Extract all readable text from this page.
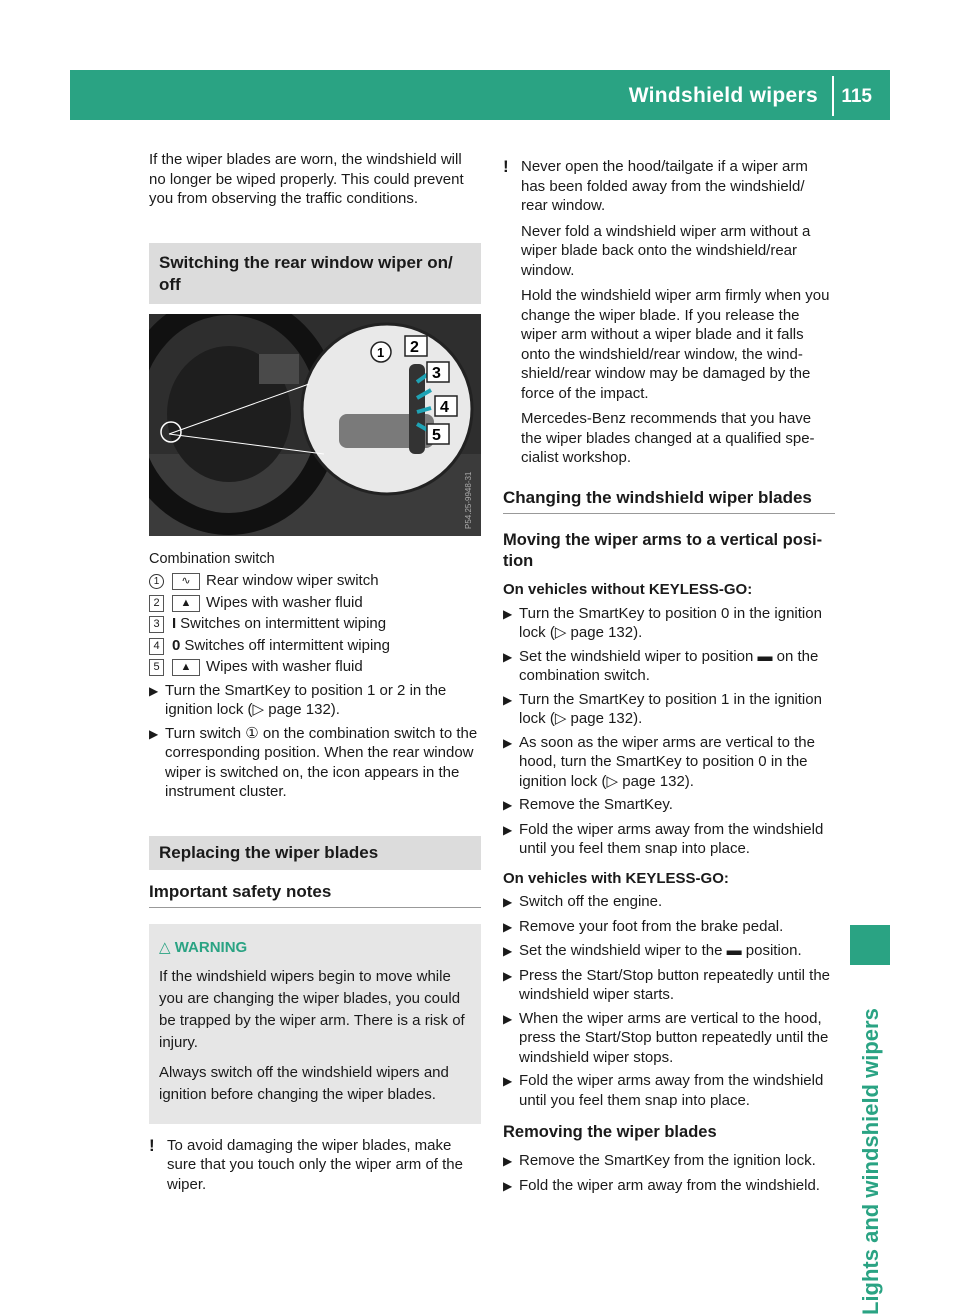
Windshield wipers 115
Lights and windshield wipers

If the wiper blades are worn, the windshield will no longer be wiped properly. This could prevent you from observing the traffic conditions.

Switching the rear window wiper on/ off
1 2
3
4
5
P54.25-9948-31

Combination switch

1	∿	Rear window wiper switch
2	▲ Wipes with washer fluid
3 I Switches on intermittent wiping
4 0 Switches off intermittent wiping
5	▲ Wipes with washer fluid
▶ Turn the SmartKey to position 1 or 2 in the ignition lock (▷ page 132).
▶ Turn switch ① on the combination switch to the corresponding position. When the rear window wiper is switched on, the icon appears in the instrument cluster.
Replacing the wiper blades
Important safety notes
△ WARNING

If the windshield wipers begin to move while you are changing the wiper blades, you could be trapped by the wiper arm. There is a risk of injury.

Always switch off the windshield wipers and ignition before changing the wiper blades.

! To avoid damaging the wiper blades, make sure that you touch only the wiper arm of the wiper.

! Never open the hood/tailgate if a wiper arm has been folded away from the windshield/ rear window.

Never fold a windshield wiper arm without a wiper blade back onto the windshield/rear window.

Hold the windshield wiper arm firmly when you change the wiper blade. If you release the wiper arm without a wiper blade and it falls onto the windshield/rear window, the wind- shield/rear window may be damaged by the force of the impact.

Mercedes-Benz recommends that you have the wiper blades changed at a qualified spe- cialist workshop.

Changing the windshield wiper blades
Moving the wiper arms to a vertical posi- tion
On vehicles without KEYLESS-GO:
▶ Turn the SmartKey to position 0 in the ignition lock (▷ page 132).
▶ Set the windshield wiper to position ▬ on the combination switch.
▶ Turn the SmartKey to position 1 in the ignition lock (▷ page 132).
▶ As soon as the wiper arms are vertical to the hood, turn the SmartKey to position 0 in the ignition lock (▷ page 132).
▶ Remove the SmartKey.
▶ Fold the wiper arms away from the windshield until you feel them snap into place.
On vehicles with KEYLESS-GO:
▶ Switch off the engine.
▶ Remove your foot from the brake pedal.
▶ Set the windshield wiper to the ▬ position.
▶ Press the Start/Stop button repeatedly until the windshield wiper starts.
▶ When the wiper arms are vertical to the hood, press the Start/Stop button repeatedly until the windshield wiper stops.
▶ Fold the wiper arms away from the windshield until you feel them snap into place.
Removing the wiper blades
▶ Remove the SmartKey from the ignition lock.
▶ Fold the wiper arm away from the windshield.
